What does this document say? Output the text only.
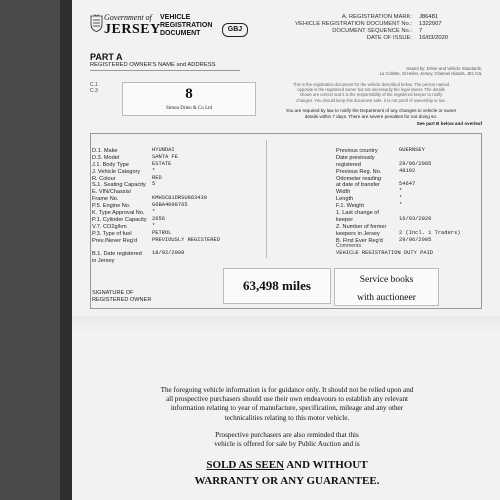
Government of
JERSEY
VEHICLE
REGISTRATION
DOCUMENT
GBJ
A. REGISTRATION MARK:
VEHICLE REGISTRATION DOCUMENT No.:
DOCUMENT SEQUENCE No.:
DATE OF ISSUE:
J86481
1322007
7
16/03/2020
PART A
REGISTERED OWNER'S NAME and ADDRESS
C.1
C.3	8
Simon Drieu & Co Ltd
Issued by: Driver and Vehicle Standards,
La Collette, St Helier, Jersey, Channel Islands, JE1 0JL
This is the registration document for the vehicle described below. The person named
opposite is the registered owner but not necessarily the legal owner. The details
shown are correct and it is the responsibility of the registered keeper to notify
changes. You should keep this document safe. It is not proof of ownership or tax.
You are required by law to notify the Department of any changes to vehicle or owner
details within 7 days. There are severe penalties for not doing so.
See part B below and overleaf
D.1. Make
D.3. Model
J.1. Body Type
J. Vehicle Category
R. Colour
S.1. Seating Capacity
E. VIN/Chassis/
Frame No.
P.5. Engine No.
K. Type Approval No.
P.1. Cylinder Capacity
V.7. CO2g/km
P.3. Type of fuel
Prev./Never Reg'd
B.1. Date registered
in Jersey
HYUNDAI
SANTA FE
ESTATE
*
RED
5
KMHSC81DRSU863430
G6BA4098765
*
2656
*
PETROL
PREVIOUSLY REGISTERED
18/02/2008
Previous country
Date previously
registered
Previous Reg. No.
Odometer reading
at date of transfer
Width
Length
F.1. Weight
1. Last change of
keeper
Z. Number of former
keepers in Jersey
B. First Ever Reg'd
GUERNSEY
29/06/2005
48102
54647
*
*
*
16/03/2020
2 (Incl. 1 Traders)
29/06/2005
Comments
VEHICLE REGISTRATION DUTY PAID
SIGNATURE OF
REGISTERED OWNER
63,498 miles	Service books
with auctioneer
The foregoing vehicle information is for guidance only. It should not be relied upon and
all prospective purchasers should use their own endeavours to establish any relevant
information relating to year of manufacture, specification, mileage and any other
technicalities relating to this motor vehicle.
Prospective purchasers are also reminded that this
vehicle is offered for sale by Public Auction and is
SOLD AS SEEN AND WITHOUT
WARRANTY OR ANY GUARANTEE.
